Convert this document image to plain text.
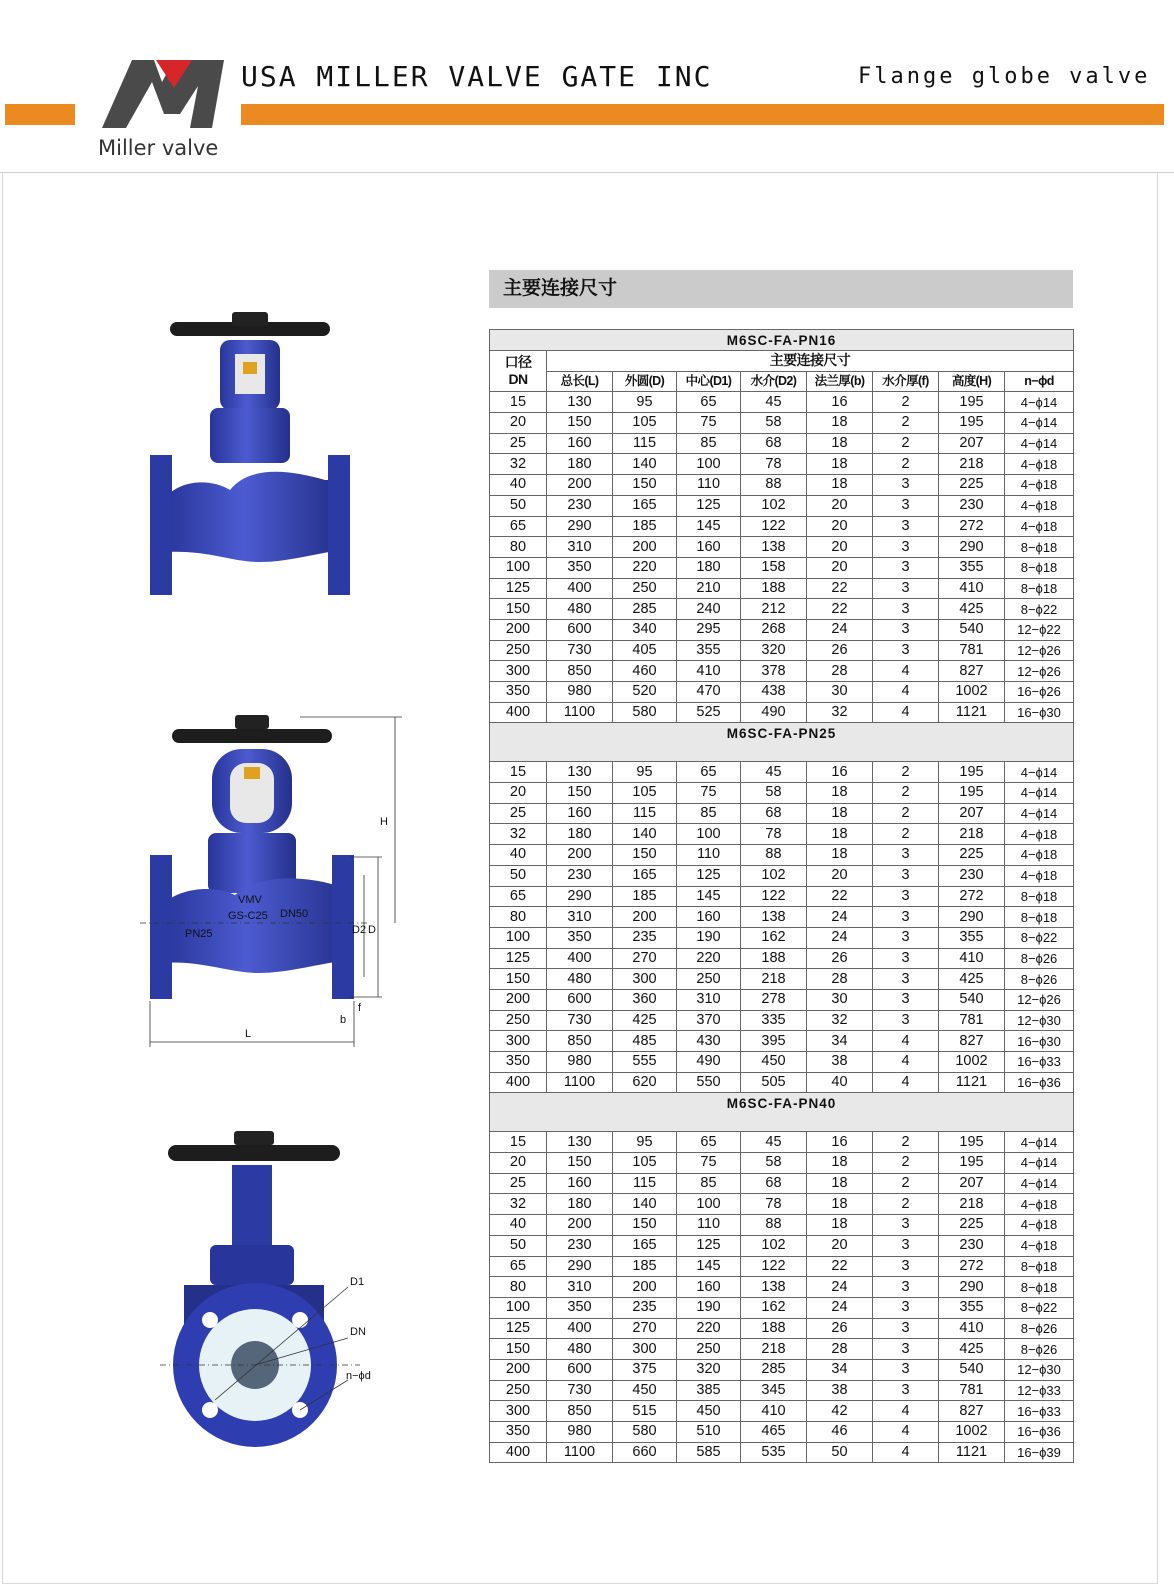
Miller valve
USA MILLER VALVE GATE INC	Flange globe valve
VMV
GS-C25 DN50
PN25
H
D2 D
b
f
L
D1
DN
n−ϕd
主要连接尺寸
M6SC-FA-PN16								
口径
DN	主要连接尺寸							
	总长(L)	外圆(D)	中心(D1)	水介(D2)	法兰厚(b)	水介厚(f)	高度(H)	n−ϕd
15	130	95	65	45	16	2	195	4−ϕ14
20	150	105	75	58	18	2	195	4−ϕ14
25	160	115	85	68	18	2	207	4−ϕ14
32	180	140	100	78	18	2	218	4−ϕ18
40	200	150	110	88	18	3	225	4−ϕ18
50	230	165	125	102	20	3	230	4−ϕ18
65	290	185	145	122	20	3	272	4−ϕ18
80	310	200	160	138	20	3	290	8−ϕ18
100	350	220	180	158	20	3	355	8−ϕ18
125	400	250	210	188	22	3	410	8−ϕ18
150	480	285	240	212	22	3	425	8−ϕ22
200	600	340	295	268	24	3	540	12−ϕ22
250	730	405	355	320	26	3	781	12−ϕ26
300	850	460	410	378	28	4	827	12−ϕ26
350	980	520	470	438	30	4	1002	16−ϕ26
400	1100	580	525	490	32	4	1121	16−ϕ30
M6SC-FA-PN25								
15	130	95	65	45	16	2	195	4−ϕ14
20	150	105	75	58	18	2	195	4−ϕ14
25	160	115	85	68	18	2	207	4−ϕ14
32	180	140	100	78	18	2	218	4−ϕ18
40	200	150	110	88	18	3	225	4−ϕ18
50	230	165	125	102	20	3	230	4−ϕ18
65	290	185	145	122	22	3	272	8−ϕ18
80	310	200	160	138	24	3	290	8−ϕ18
100	350	235	190	162	24	3	355	8−ϕ22
125	400	270	220	188	26	3	410	8−ϕ26
150	480	300	250	218	28	3	425	8−ϕ26
200	600	360	310	278	30	3	540	12−ϕ26
250	730	425	370	335	32	3	781	12−ϕ30
300	850	485	430	395	34	4	827	16−ϕ30
350	980	555	490	450	38	4	1002	16−ϕ33
400	1100	620	550	505	40	4	1121	16−ϕ36
M6SC-FA-PN40								
15	130	95	65	45	16	2	195	4−ϕ14
20	150	105	75	58	18	2	195	4−ϕ14
25	160	115	85	68	18	2	207	4−ϕ14
32	180	140	100	78	18	2	218	4−ϕ18
40	200	150	110	88	18	3	225	4−ϕ18
50	230	165	125	102	20	3	230	4−ϕ18
65	290	185	145	122	22	3	272	8−ϕ18
80	310	200	160	138	24	3	290	8−ϕ18
100	350	235	190	162	24	3	355	8−ϕ22
125	400	270	220	188	26	3	410	8−ϕ26
150	480	300	250	218	28	3	425	8−ϕ26
200	600	375	320	285	34	3	540	12−ϕ30
250	730	450	385	345	38	3	781	12−ϕ33
300	850	515	450	410	42	4	827	16−ϕ33
350	980	580	510	465	46	4	1002	16−ϕ36
400	1100	660	585	535	50	4	1121	16−ϕ39
